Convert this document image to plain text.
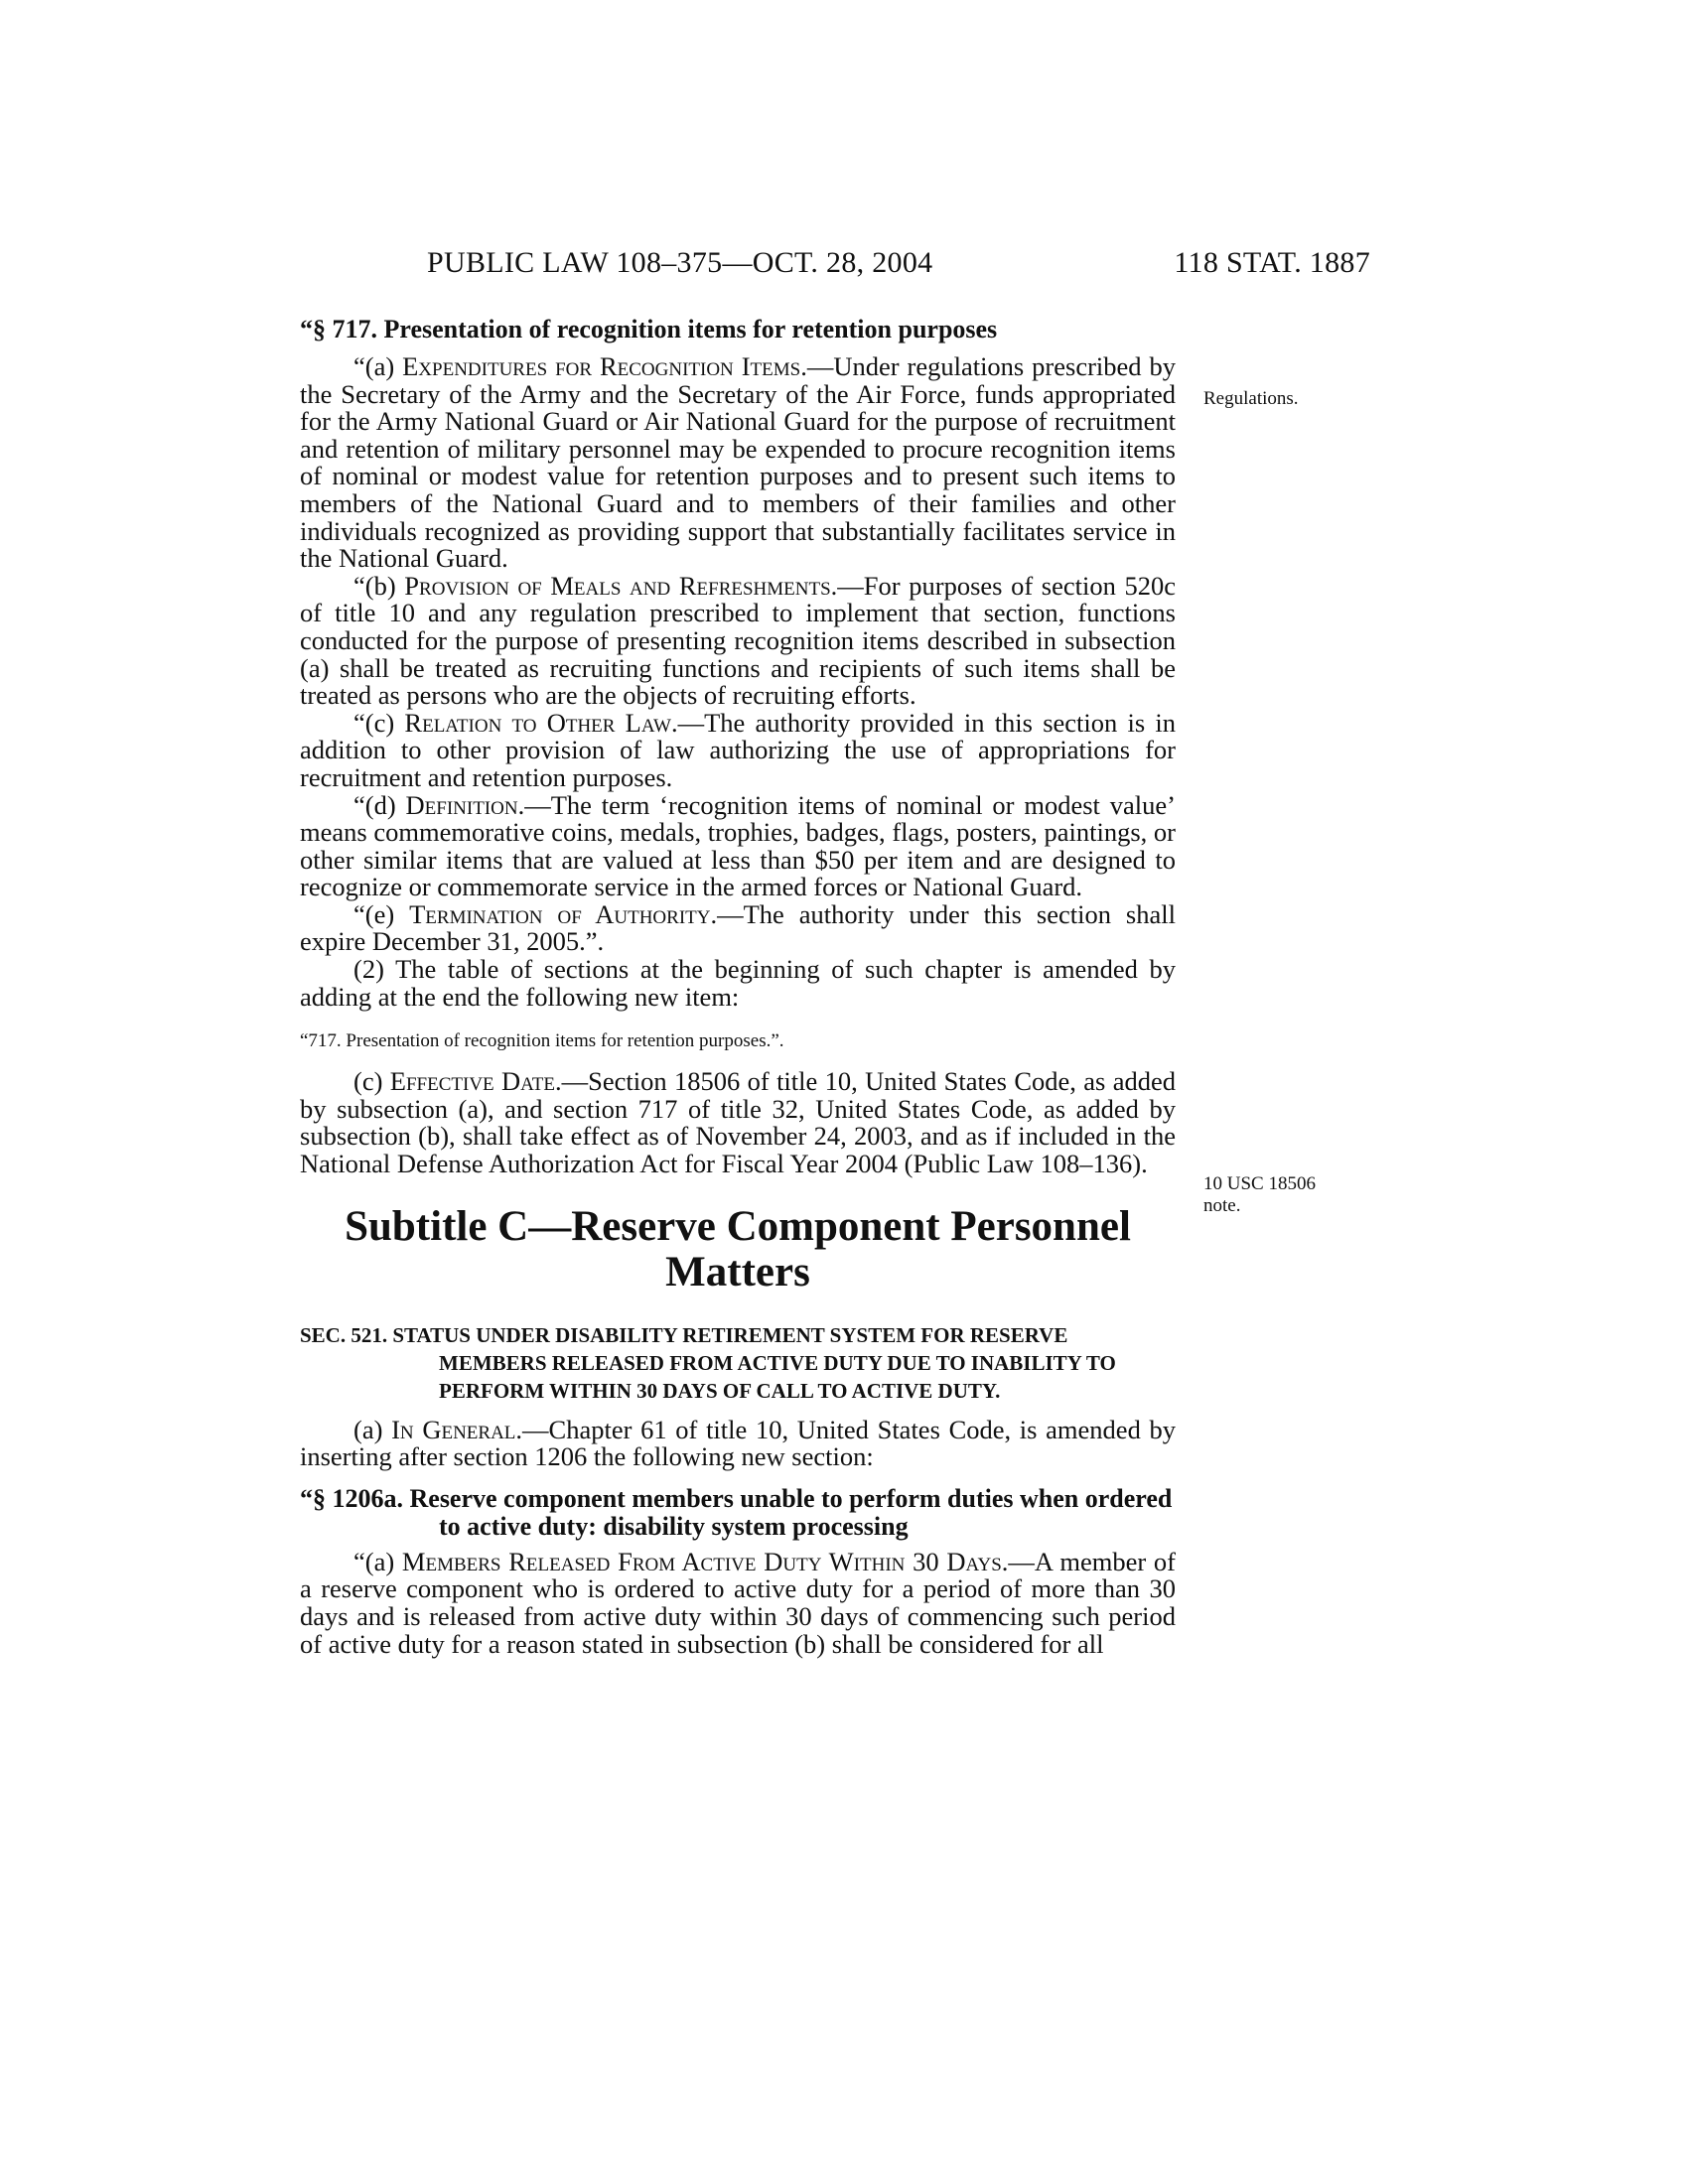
PUBLIC LAW 108–375—OCT. 28, 2004	118 STAT. 1887
Regulations.
10 USC 18506
note.
“§ 717. Presentation of recognition items for retention purposes

“(a) Expenditures for Recognition Items.—Under regulations prescribed by the Secretary of the Army and the Secretary of the Air Force, funds appropriated for the Army National Guard or Air National Guard for the purpose of recruitment and retention of military personnel may be expended to procure recognition items of nominal or modest value for retention purposes and to present such items to members of the National Guard and to members of their families and other individuals recognized as providing support that substantially facilitates service in the National Guard.

“(b) Provision of Meals and Refreshments.—For purposes of section 520c of title 10 and any regulation prescribed to implement that section, functions conducted for the purpose of presenting recognition items described in subsection (a) shall be treated as recruiting functions and recipients of such items shall be treated as persons who are the objects of recruiting efforts.

“(c) Relation to Other Law.—The authority provided in this section is in addition to other provision of law authorizing the use of appropriations for recruitment and retention purposes.

“(d) Definition.—The term ‘recognition items of nominal or modest value’ means commemorative coins, medals, trophies, badges, flags, posters, paintings, or other similar items that are valued at less than $50 per item and are designed to recognize or commemorate service in the armed forces or National Guard.

“(e) Termination of Authority.—The authority under this section shall expire December 31, 2005.”.

(2) The table of sections at the beginning of such chapter is amended by adding at the end the following new item:

“717. Presentation of recognition items for retention purposes.”.

(c) Effective Date.—Section 18506 of title 10, United States Code, as added by subsection (a), and section 717 of title 32, United States Code, as added by subsection (b), shall take effect as of November 24, 2003, and as if included in the National Defense Authorization Act for Fiscal Year 2004 (Public Law 108–136).

Subtitle C—Reserve Component Personnel Matters
SEC. 521. STATUS UNDER DISABILITY RETIREMENT SYSTEM FOR RESERVE MEMBERS RELEASED FROM ACTIVE DUTY DUE TO INABILITY TO PERFORM WITHIN 30 DAYS OF CALL TO ACTIVE DUTY.

(a) In General.—Chapter 61 of title 10, United States Code, is amended by inserting after section 1206 the following new section:

“§ 1206a. Reserve component members unable to perform duties when ordered to active duty: disability system processing

“(a) Members Released From Active Duty Within 30 Days.—A member of a reserve component who is ordered to active duty for a period of more than 30 days and is released from active duty within 30 days of commencing such period of active duty for a reason stated in subsection (b) shall be considered for all
